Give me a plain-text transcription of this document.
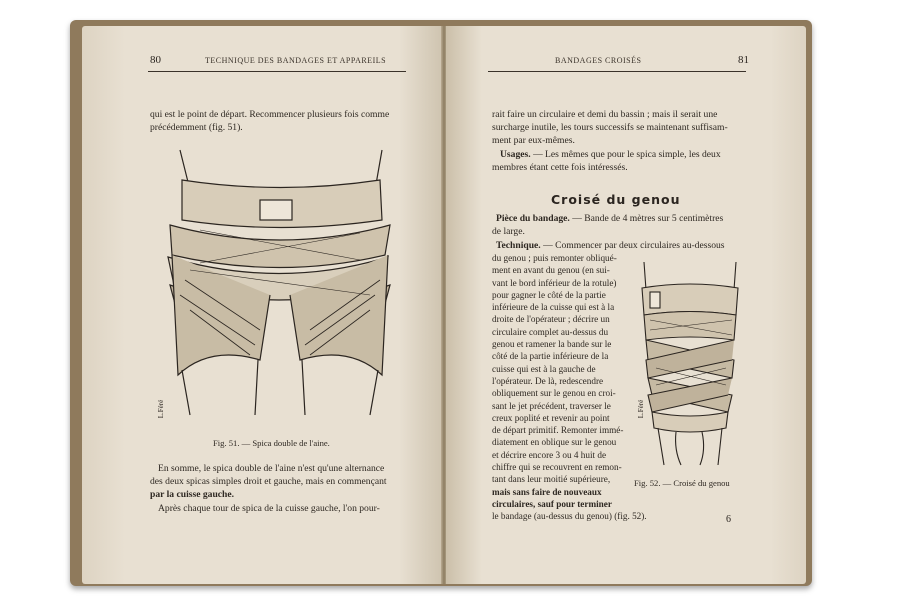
80	TECHNIQUE DES BANDAGES ET APPAREILS

qui est le point de départ. Recommencer plusieurs fois comme

précédemment (fig. 51).

L.Féré
Fig. 51. — Spica double de l'aine.

En somme, le spica double de l'aine n'est qu'une alternance

des deux spicas simples droit et gauche, mais en commençant

par la cuisse gauche.

Après chaque tour de spica de la cuisse gauche, l'on pour-

BANDAGES CROISÉS	81

rait faire un circulaire et demi du bassin ; mais il serait une

surcharge inutile, les tours successifs se maintenant suffisam-

ment par eux-mêmes.

Usages. — Les mêmes que pour le spica simple, les deux

membres étant cette fois intéressés.

Croisé du genou

Pièce du bandage. — Bande de 4 mètres sur 5 centimètres

de large.

Technique. — Commencer par deux circulaires au-dessous

du genou ; puis remonter obliqué-

ment en avant du genou (en sui-

vant le bord inférieur de la rotule)

pour gagner le côté de la partie

inférieure de la cuisse qui est à la

droite de l'opérateur ; décrire un

circulaire complet au-dessus du

genou et ramener la bande sur le

côté de la partie inférieure de la

cuisse qui est à la gauche de

l'opérateur. De là, redescendre

obliquement sur le genou en croi-

sant le jet précédent, traverser le

creux poplité et revenir au point

de départ primitif. Remonter immé-

diatement en oblique sur le genou

et décrire encore 3 ou 4 huit de

chiffre qui se recouvrent en remon-

tant dans leur moitié supérieure,

mais sans faire de nouveaux

circulaires, sauf pour terminer

le bandage (au-dessus du genou) (fig. 52).

L.Féré
Fig. 52. — Croisé du genou
6
